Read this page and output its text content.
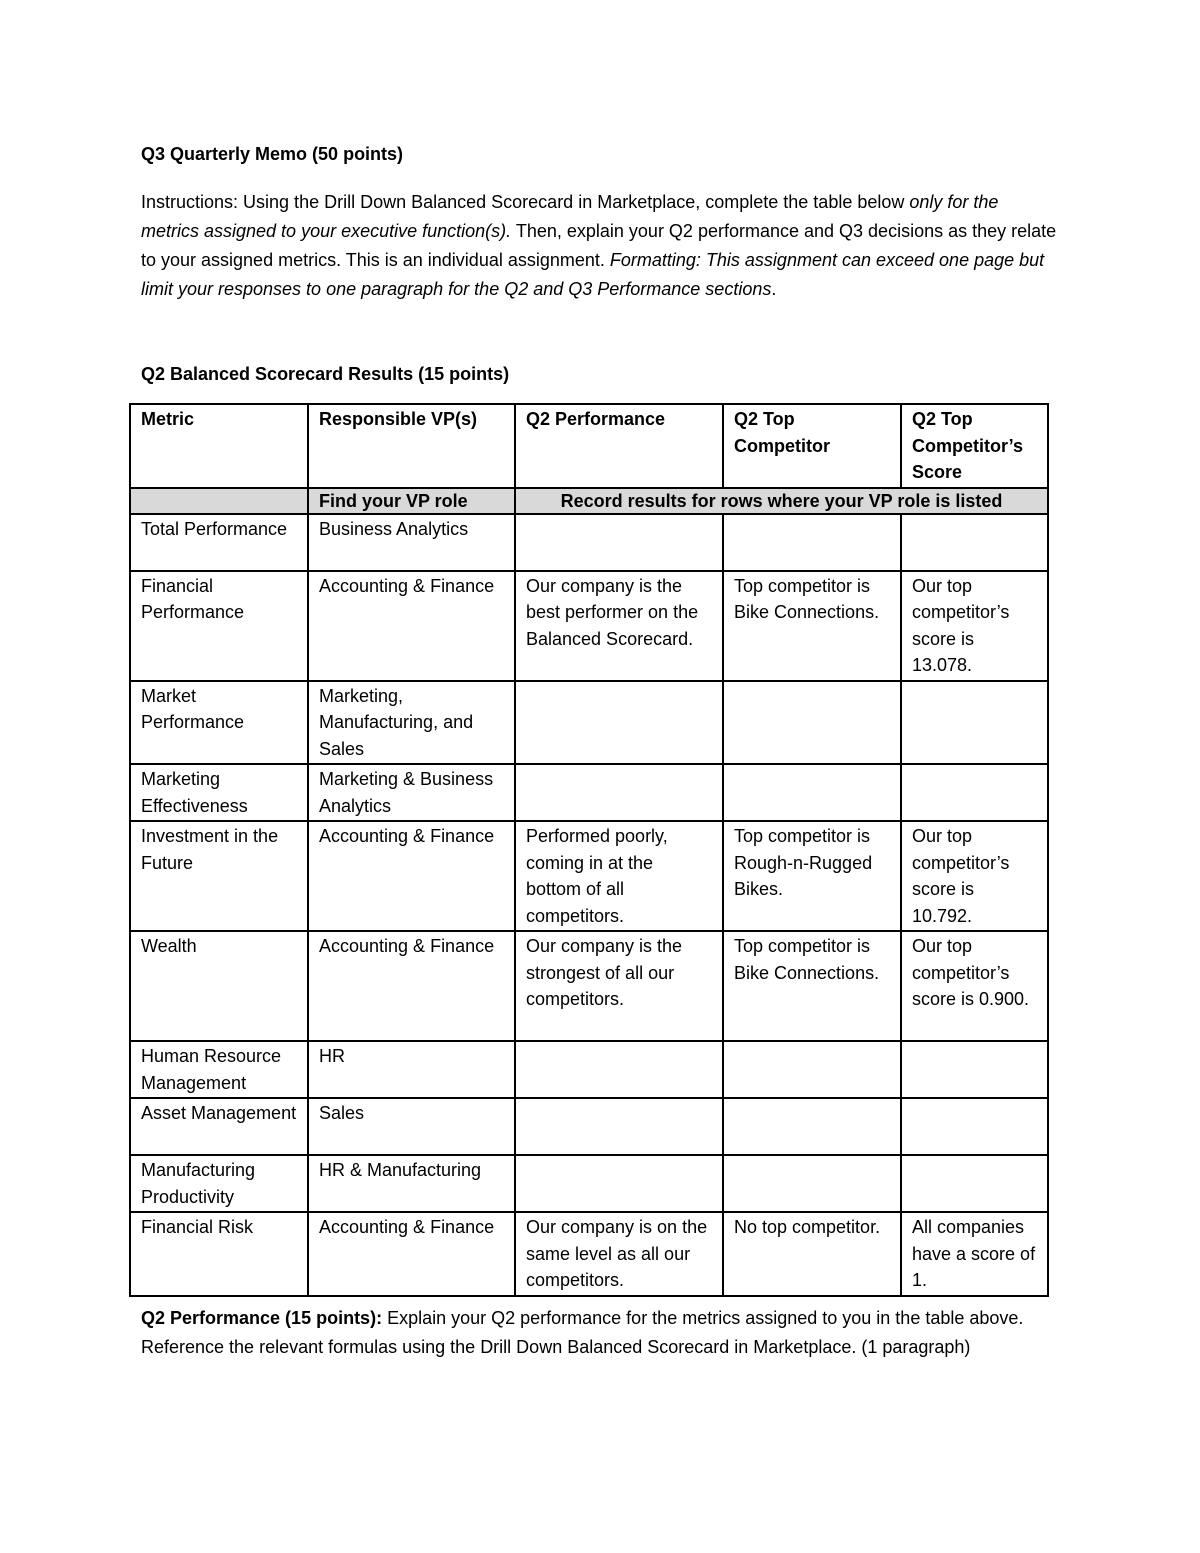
Q3 Quarterly Memo (50 points)

Instructions: Using the Drill Down Balanced Scorecard in Marketplace, complete the table below only for the metrics assigned to your executive function(s). Then, explain your Q2 performance and Q3 decisions as they relate to your assigned metrics. This is an individual assignment. Formatting: This assignment can exceed one page but limit your responses to one paragraph for the Q2 and Q3 Performance sections.

Q2 Balanced Scorecard Results (15 points)

Metric	Responsible VP(s)	Q2 Performance	Q2 Top Competitor	Q2 Top Competitor’s Score
	Find your VP role	Record results for rows where your VP role is listed		
Total Performance	Business Analytics			
Financial Performance	Accounting & Finance	Our company is the best performer on the Balanced Scorecard.	Top competitor is Bike Connections.	Our top competitor’s score is 13.078.
Market Performance	Marketing, Manufacturing, and Sales			
Marketing Effectiveness	Marketing & Business Analytics			
Investment in the Future	Accounting & Finance	Performed poorly, coming in at the bottom of all competitors.	Top competitor is Rough-n-Rugged Bikes.	Our top competitor’s score is 10.792.
Wealth	Accounting & Finance	Our company is the strongest of all our competitors.	Top competitor is Bike Connections.	Our top competitor’s score is 0.900.
Human Resource Management	HR			
Asset Management	Sales			
Manufacturing Productivity	HR & Manufacturing			
Financial Risk	Accounting & Finance	Our company is on the same level as all our competitors.	No top competitor.	All companies have a score of 1.

Q2 Performance (15 points): Explain your Q2 performance for the metrics assigned to you in the table above. Reference the relevant formulas using the Drill Down Balanced Scorecard in Marketplace. (1 paragraph)
